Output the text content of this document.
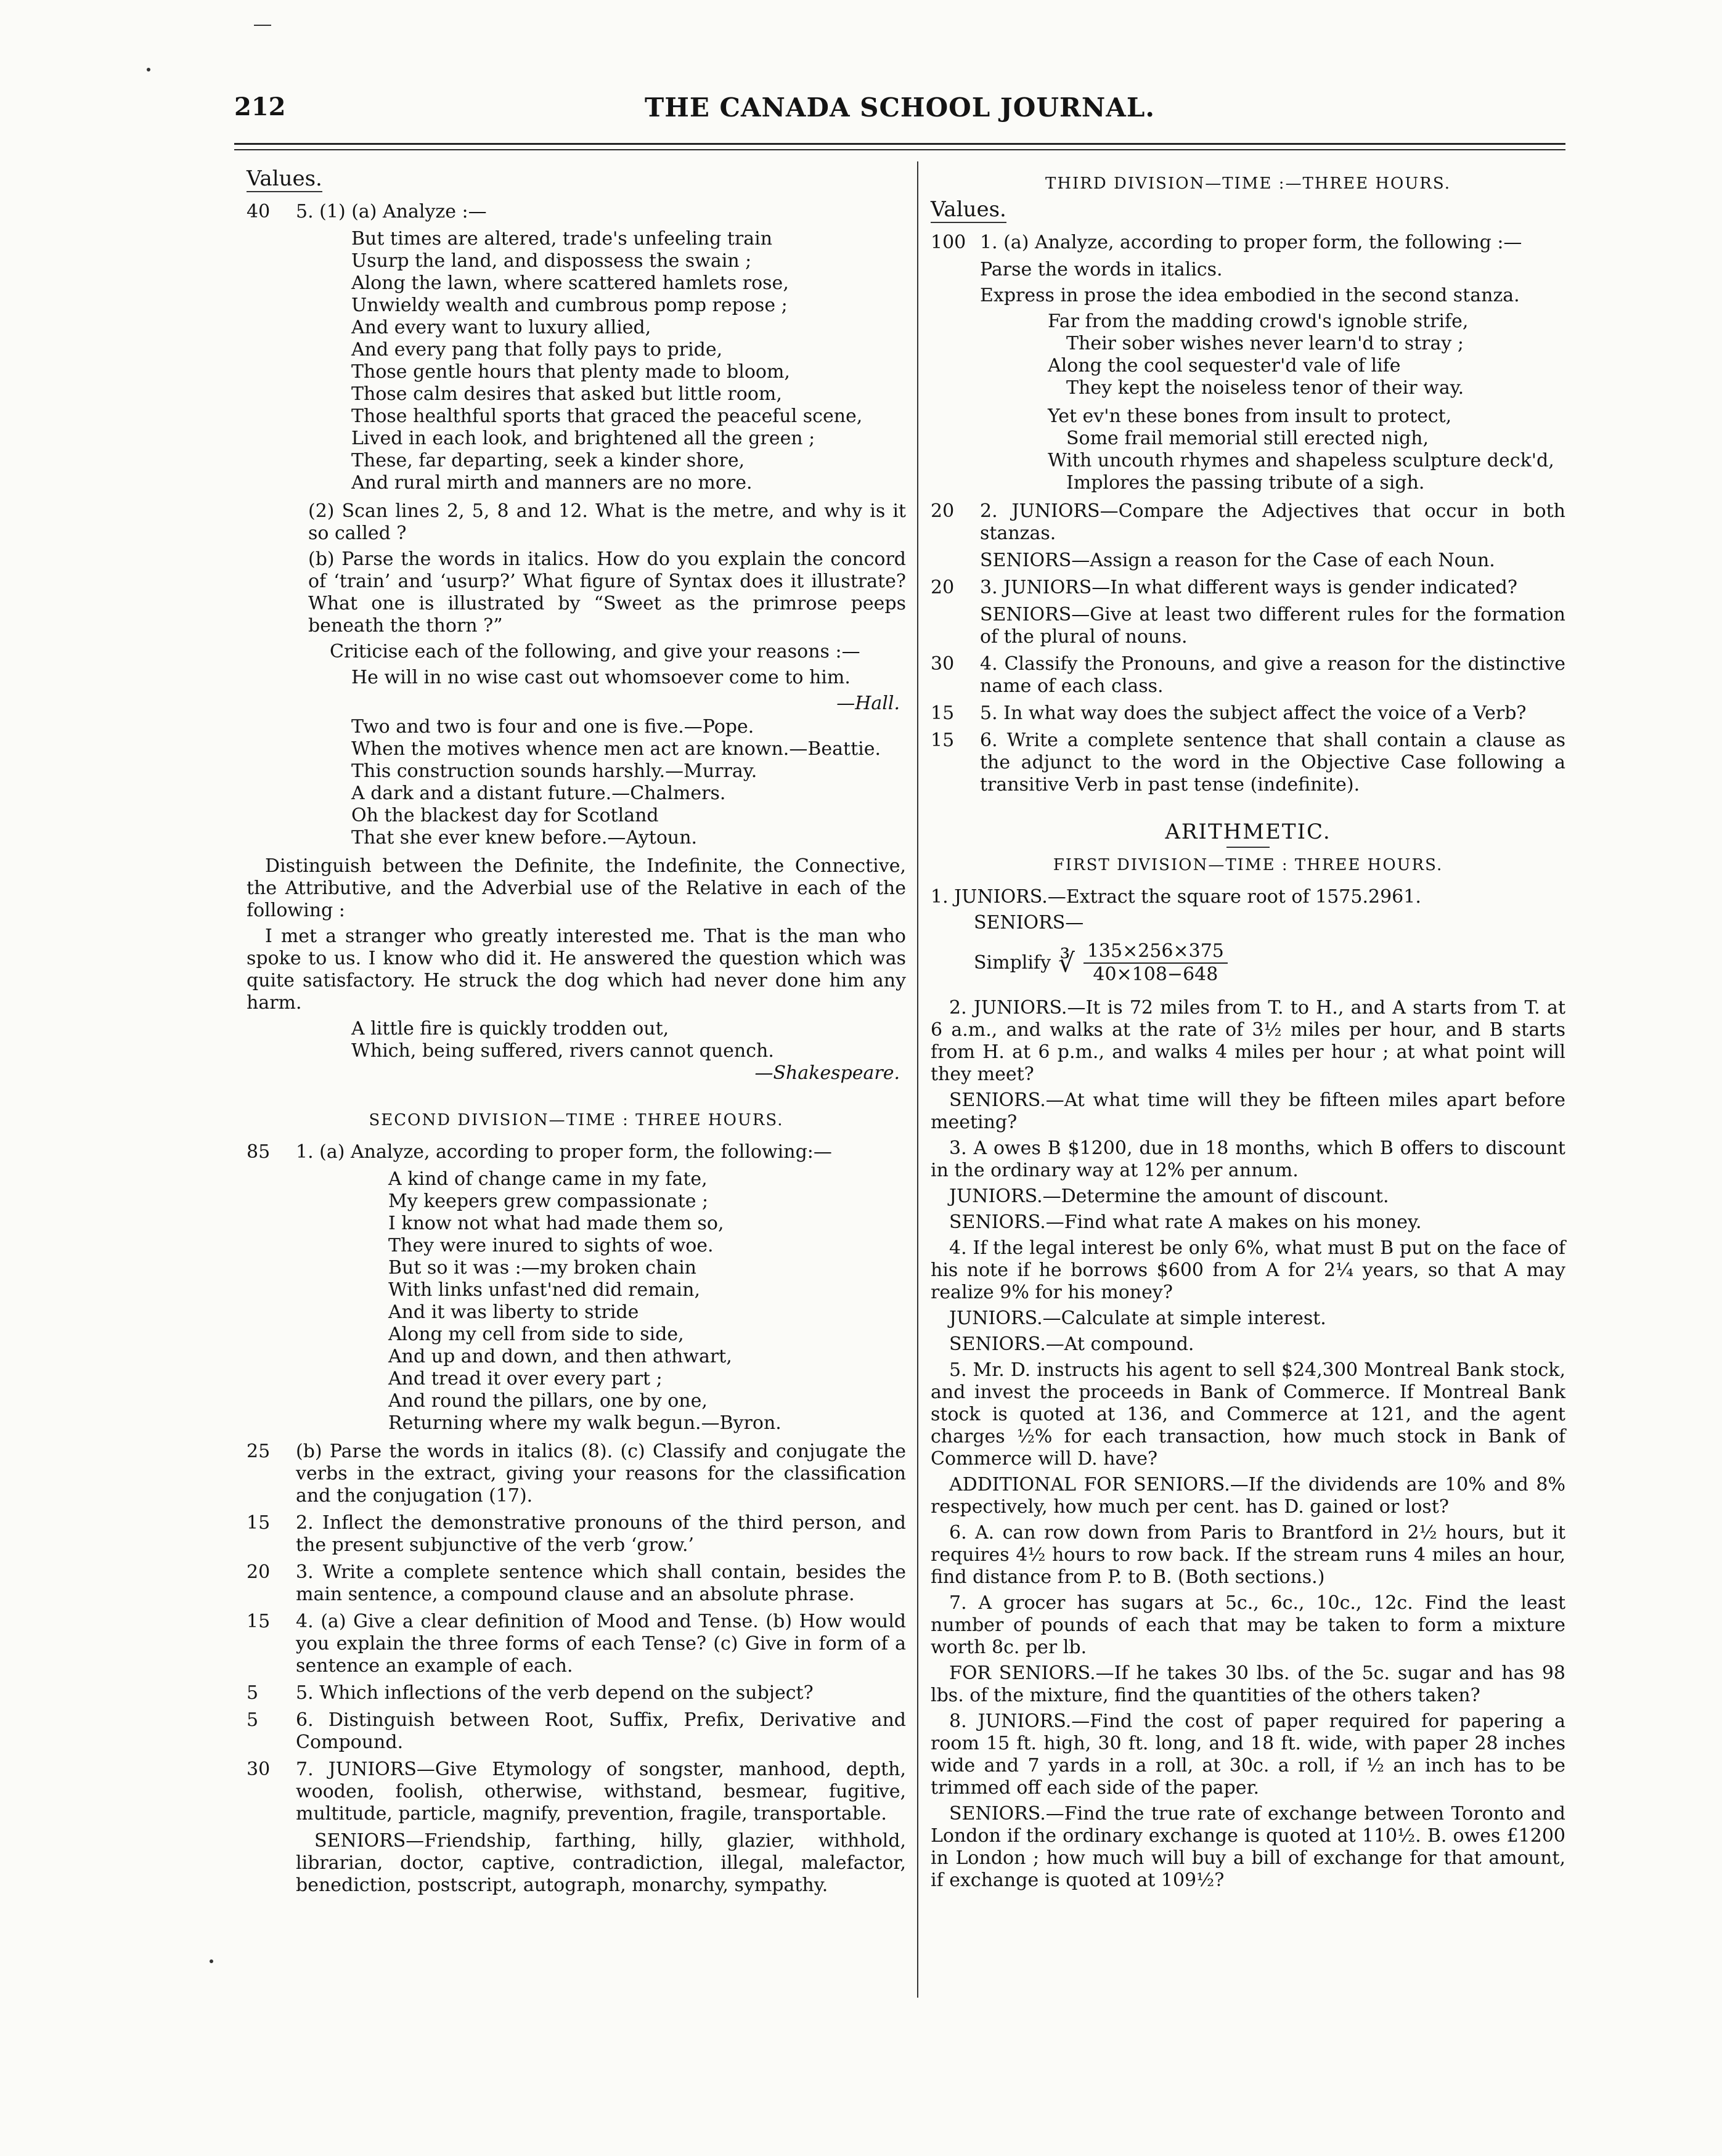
212	THE CANADA SCHOOL JOURNAL.
Values.
40	5. (1) (a) Analyze :—
But times are altered, trade's unfeeling train
Usurp the land, and dispossess the swain ;
Along the lawn, where scattered hamlets rose,
Unwieldy wealth and cumbrous pomp repose ;
And every want to luxury allied,
And every pang that folly pays to pride,
Those gentle hours that plenty made to bloom,
Those calm desires that asked but little room,
Those healthful sports that graced the peaceful scene,
Lived in each look, and brightened all the green ;
These, far departing, seek a kinder shore,
And rural mirth and manners are no more.
(2) Scan lines 2, 5, 8 and 12. What is the metre, and why is it so called ?
(b) Parse the words in italics. How do you explain the concord of ‘train’ and ‘usurp?’ What figure of Syntax does it illustrate? What one is illustrated by “Sweet as the primrose peeps beneath the thorn ?”
Criticise each of the following, and give your reasons :—
He will in no wise cast out whomsoever come to him.
—Hall.
Two and two is four and one is five.—Pope.
When the motives whence men act are known.—Beattie.
This construction sounds harshly.—Murray.
A dark and a distant future.—Chalmers.
Oh the blackest day for Scotland
That she ever knew before.—Aytoun.
Distinguish between the Definite, the Indefinite, the Connective, the Attributive, and the Adverbial use of the Relative in each of the following :
I met a stranger who greatly interested me. That is the man who spoke to us. I know who did it. He answered the question which was quite satisfactory. He struck the dog which had never done him any harm.
A little fire is quickly trodden out,
Which, being suffered, rivers cannot quench.
—Shakespeare.
SECOND DIVISION—TIME : THREE HOURS.
85	1. (a) Analyze, according to proper form, the following:—
A kind of change came in my fate,
My keepers grew compassionate ;
I know not what had made them so,
They were inured to sights of woe.
But so it was :—my broken chain
With links unfast'ned did remain,
And it was liberty to stride
Along my cell from side to side,
And up and down, and then athwart,
And tread it over every part ;
And round the pillars, one by one,
Returning where my walk begun.—Byron.
25	(b) Parse the words in italics (8). (c) Classify and conjugate the verbs in the extract, giving your reasons for the classification and the conjugation (17).
15	2. Inflect the demonstrative pronouns of the third person, and the present subjunctive of the verb ‘grow.’
20	3. Write a complete sentence which shall contain, besides the main sentence, a compound clause and an absolute phrase.
15	4. (a) Give a clear definition of Mood and Tense. (b) How would you explain the three forms of each Tense? (c) Give in form of a sentence an example of each.
5	5. Which inflections of the verb depend on the subject?
5	6. Distinguish between Root, Suffix, Prefix, Derivative and Compound.
30	7. JUNIORS—Give Etymology of songster, manhood, depth, wooden, foolish, otherwise, withstand, besmear, fugitive, multitude, particle, magnify, prevention, fragile, transportable.
SENIORS—Friendship, farthing, hilly, glazier, withhold, librarian, doctor, captive, contradiction, illegal, malefactor, benediction, postscript, autograph, monarchy, sympathy.
THIRD DIVISION—TIME :—THREE HOURS.
Values.
100 1. (a) Analyze, according to proper form, the following :—
Parse the words in italics.
Express in prose the idea embodied in the second stanza.
Far from the madding crowd's ignoble strife,
Their sober wishes never learn'd to stray ;
Along the cool sequester'd vale of life
They kept the noiseless tenor of their way.
Yet ev'n these bones from insult to protect,
Some frail memorial still erected nigh,
With uncouth rhymes and shapeless sculpture deck'd,
Implores the passing tribute of a sigh.
20	2. JUNIORS—Compare the Adjectives that occur in both stanzas.
SENIORS—Assign a reason for the Case of each Noun.
20	3. JUNIORS—In what different ways is gender indicated?
SENIORS—Give at least two different rules for the formation of the plural of nouns.
30	4. Classify the Pronouns, and give a reason for the distinctive name of each class.
15	5. In what way does the subject affect the voice of a Verb?
15	6. Write a complete sentence that shall contain a clause as the adjunct to the word in the Objective Case following a transitive Verb in past tense (indefinite).
ARITHMETIC.
FIRST DIVISION—TIME : THREE HOURS.
1. JUNIORS.—Extract the square root of 1575.2961.
SENIORS—
Simplify ∛ $\frac{135\times 256\times 375}{40\times 108-648}$
2. JUNIORS.—It is 72 miles from T. to H., and A starts from T. at 6 a.m., and walks at the rate of 3½ miles per hour, and B starts from H. at 6 p.m., and walks 4 miles per hour ; at what point will they meet?
SENIORS.—At what time will they be fifteen miles apart before meeting?
3. A owes B $1200, due in 18 months, which B offers to discount in the ordinary way at 12% per annum.
JUNIORS.—Determine the amount of discount.
SENIORS.—Find what rate A makes on his money.
4. If the legal interest be only 6%, what must B put on the face of his note if he borrows $600 from A for 2¼ years, so that A may realize 9% for his money?
JUNIORS.—Calculate at simple interest.
SENIORS.—At compound.
5. Mr. D. instructs his agent to sell $24,300 Montreal Bank stock, and invest the proceeds in Bank of Commerce. If Montreal Bank stock is quoted at 136, and Commerce at 121, and the agent charges ½% for each transaction, how much stock in Bank of Commerce will D. have?
ADDITIONAL FOR SENIORS.—If the dividends are 10% and 8% respectively, how much per cent. has D. gained or lost?
6. A. can row down from Paris to Brantford in 2½ hours, but it requires 4½ hours to row back. If the stream runs 4 miles an hour, find distance from P. to B. (Both sections.)
7. A grocer has sugars at 5c., 6c., 10c., 12c. Find the least number of pounds of each that may be taken to form a mixture worth 8c. per lb.
FOR SENIORS.—If he takes 30 lbs. of the 5c. sugar and has 98 lbs. of the mixture, find the quantities of the others taken?
8. JUNIORS.—Find the cost of paper required for papering a room 15 ft. high, 30 ft. long, and 18 ft. wide, with paper 28 inches wide and 7 yards in a roll, at 30c. a roll, if ½ an inch has to be trimmed off each side of the paper.
SENIORS.—Find the true rate of exchange between Toronto and London if the ordinary exchange is quoted at 110½. B. owes £1200 in London ; how much will buy a bill of exchange for that amount, if exchange is quoted at 109½?
